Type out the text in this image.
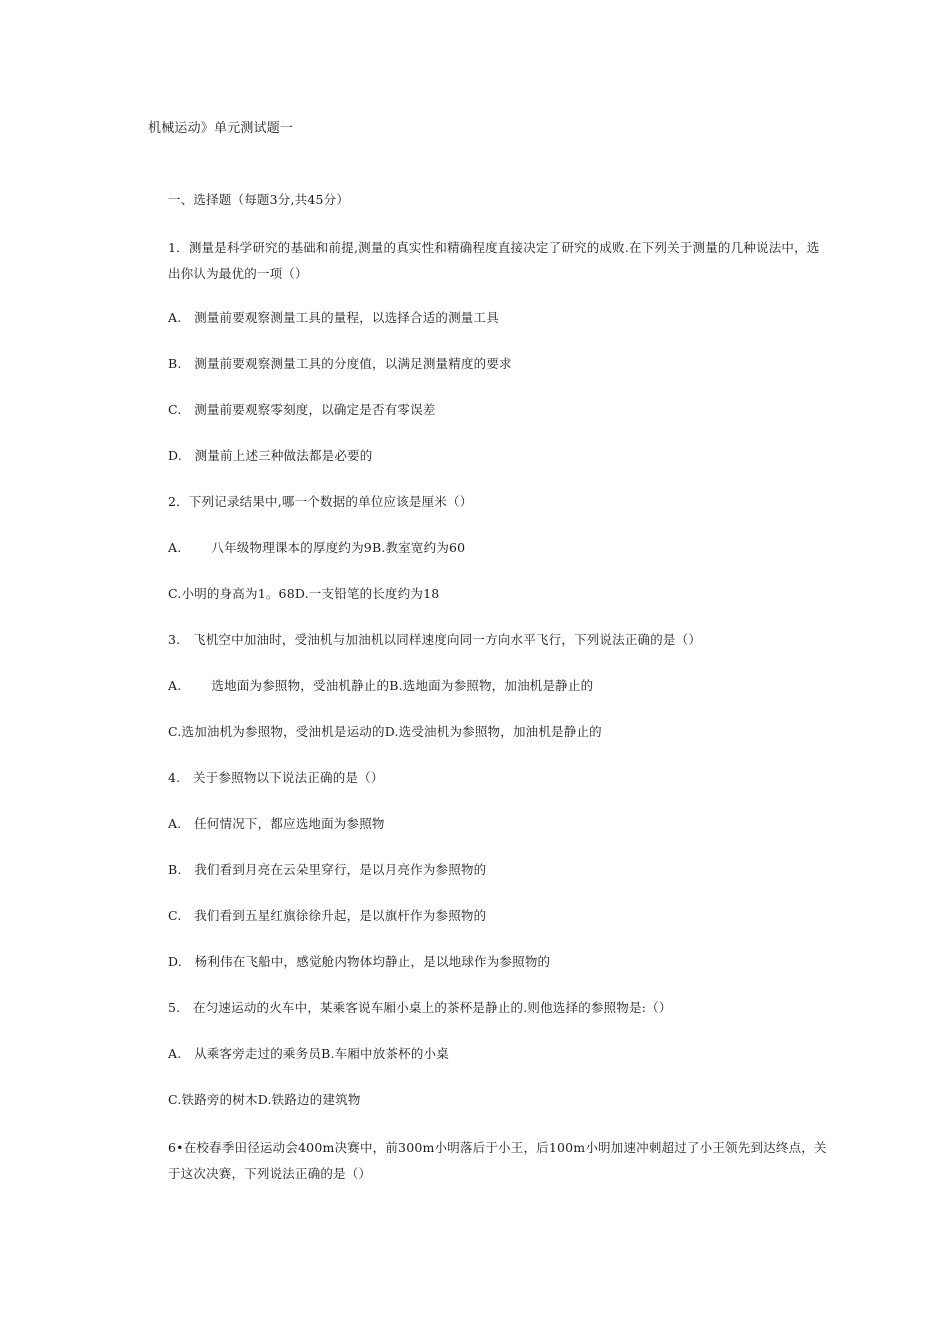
机械运动》单元测试题一
一、选择题（每题3分,共45分）
1．测量是科学研究的基础和前提,测量的真实性和精确程度直接决定了研究的成败.在下列关于测量的几种说法中，选出你认为最优的一项（）
A.　测量前要观察测量工具的量程，以选择合适的测量工具
B.　测量前要观察测量工具的分度值，以满足测量精度的要求
C.　测量前要观察零刻度，以确定是否有零误差
D.　测量前上述三种做法都是必要的
2．下列记录结果中,哪一个数据的单位应该是厘米（）
A. 八年级物理课本的厚度约为9B.教室宽约为60
C.小明的身高为1。68D.一支铅笔的长度约为18
3.　飞机空中加油时，受油机与加油机以同样速度向同一方向水平飞行，下列说法正确的是（）
A. 选地面为参照物，受油机静止的B.选地面为参照物，加油机是静止的
C.选加油机为参照物，受油机是运动的D.选受油机为参照物，加油机是静止的
4.　关于参照物以下说法正确的是（）
A.　任何情况下，都应选地面为参照物
B.　我们看到月亮在云朵里穿行，是以月亮作为参照物的
C.　我们看到五星红旗徐徐升起，是以旗杆作为参照物的
D.　杨利伟在飞船中，感觉舱内物体均静止，是以地球作为参照物的
5.　在匀速运动的火车中，某乘客说车厢小桌上的茶杯是静止的.则他选择的参照物是:（）
A.　从乘客旁走过的乘务员B.车厢中放茶杯的小桌
C.铁路旁的树木D.铁路边的建筑物
6•在校春季田径运动会400m决赛中，前300m小明落后于小王，后100m小明加速冲刺超过了小王领先到达终点，关于这次决赛，下列说法正确的是（）
